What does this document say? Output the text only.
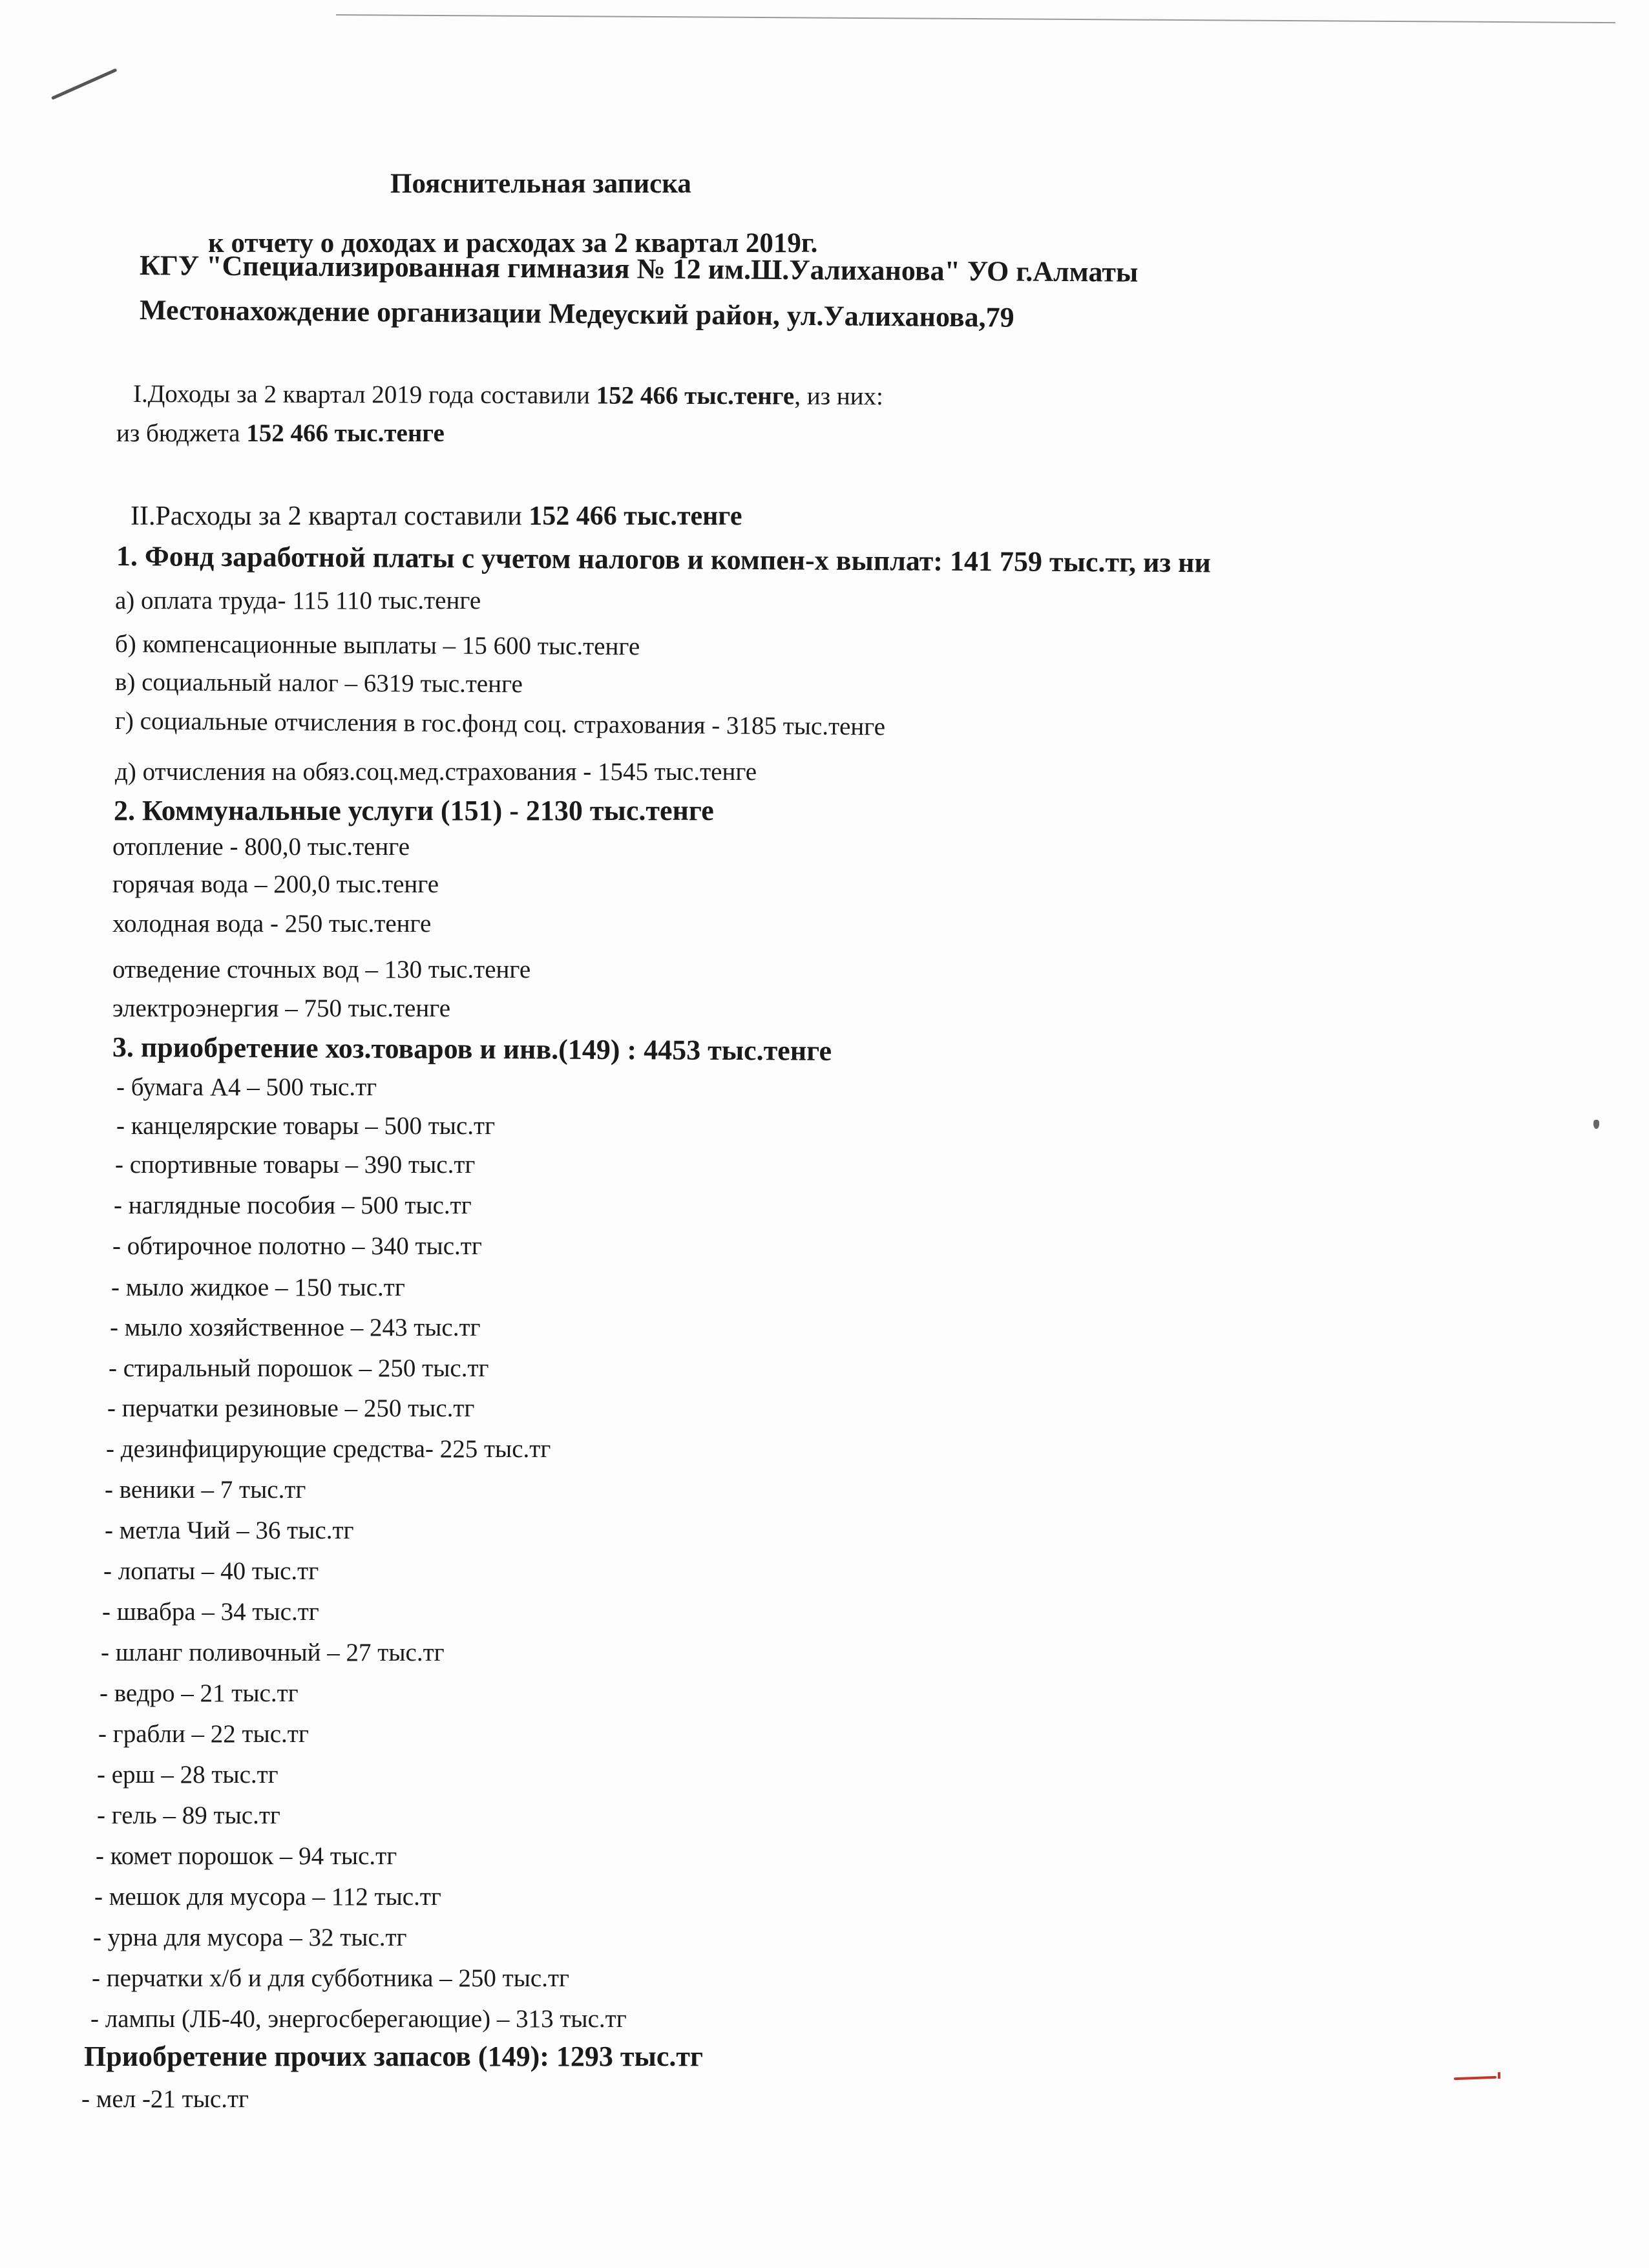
Пояснительная записка
к отчету о доходах и расходах за 2 квартал 2019г.
КГУ "Специализированная гимназия № 12 им.Ш.Уалиханова" УО г.Алматы
Местонахождение организации Медеуский район, ул.Уалиханова,79
I.Доходы за 2 квартал 2019 года составили 152 466 тыс.тенге, из них:
из бюджета 152 466 тыс.тенге
II.Расходы за 2 квартал составили 152 466 тыс.тенге
1. Фонд заработной платы с учетом налогов и компен-х выплат: 141 759 тыс.тг, из ни
а) оплата труда- 115 110 тыс.тенге
б) компенсационные выплаты – 15 600 тыс.тенге
в) социальный налог – 6319 тыс.тенге
г) социальные отчисления в гос.фонд соц. страхования - 3185 тыс.тенге
д) отчисления на обяз.соц.мед.страхования - 1545 тыс.тенге
2. Коммунальные услуги (151) - 2130 тыс.тенге
отопление - 800,0 тыс.тенге
горячая вода – 200,0 тыс.тенге
холодная вода - 250 тыс.тенге
отведение сточных вод – 130 тыс.тенге
электроэнергия – 750 тыс.тенге
3. приобретение хоз.товаров и инв.(149) : 4453 тыс.тенге
- бумага А4 – 500 тыс.тг
- канцелярские товары – 500 тыс.тг
- спортивные товары – 390 тыс.тг
- наглядные пособия – 500 тыс.тг
- обтирочное полотно – 340 тыс.тг
- мыло жидкое – 150 тыс.тг
- мыло хозяйственное – 243 тыс.тг
- стиральный порошок – 250 тыс.тг
- перчатки резиновые – 250 тыс.тг
- дезинфицирующие средства- 225 тыс.тг
- веники – 7 тыс.тг
- метла Чий – 36 тыс.тг
- лопаты – 40 тыс.тг
- швабра – 34 тыс.тг
- шланг поливочный – 27 тыс.тг
- ведро – 21 тыс.тг
- грабли – 22 тыс.тг
- ерш – 28 тыс.тг
- гель – 89 тыс.тг
- комет порошок – 94 тыс.тг
- мешок для мусора – 112 тыс.тг
- урна для мусора – 32 тыс.тг
- перчатки х/б и для субботника – 250 тыс.тг
- лампы (ЛБ-40, энергосберегающие) – 313 тыс.тг
Приобретение прочих запасов (149): 1293 тыс.тг
- мел -21 тыс.тг
